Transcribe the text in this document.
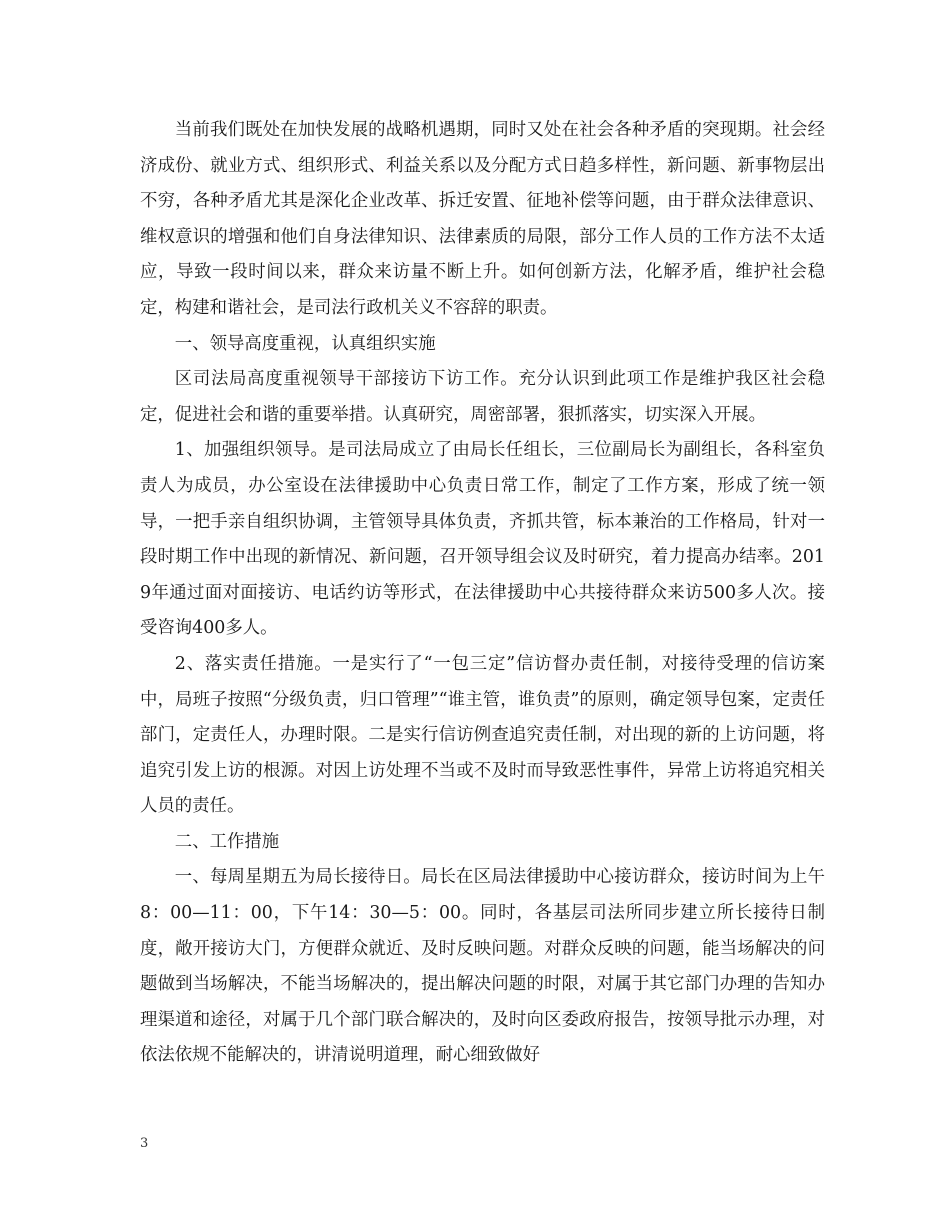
当前我们既处在加快发展的战略机遇期，同时又处在社会各种矛盾的突现期。社会经济成份、就业方式、组织形式、利益关系以及分配方式日趋多样性，新问题、新事物层出不穷，各种矛盾尤其是深化企业改革、拆迁安置、征地补偿等问题，由于群众法律意识、维权意识的增强和他们自身法律知识、法律素质的局限，部分工作人员的工作方法不太适应，导致一段时间以来，群众来访量不断上升。如何创新方法，化解矛盾，维护社会稳定，构建和谐社会，是司法行政机关义不容辞的职责。

一、领导高度重视，认真组织实施

区司法局高度重视领导干部接访下访工作。充分认识到此项工作是维护我区社会稳定，促进社会和谐的重要举措。认真研究，周密部署，狠抓落实，切实深入开展。

1、加强组织领导。是司法局成立了由局长任组长，三位副局长为副组长，各科室负责人为成员，办公室设在法律援助中心负责日常工作，制定了工作方案，形成了统一领导，一把手亲自组织协调，主管领导具体负责，齐抓共管，标本兼治的工作格局，针对一段时期工作中出现的新情况、新问题，召开领导组会议及时研究，着力提高办结率。2019年通过面对面接访、电话约访等形式，在法律援助中心共接待群众来访500多人次。接受咨询400多人。

2、落实责任措施。一是实行了“一包三定”信访督办责任制，对接待受理的信访案中，局班子按照“分级负责，归口管理”“谁主管，谁负责”的原则，确定领导包案，定责任部门，定责任人，办理时限。二是实行信访例查追究责任制，对出现的新的上访问题，将追究引发上访的根源。对因上访处理不当或不及时而导致恶性事件，异常上访将追究相关人员的责任。

二、工作措施

一、每周星期五为局长接待日。局长在区局法律援助中心接访群众，接访时间为上午8：00—11：00，下午14：30—5：00。同时，各基层司法所同步建立所长接待日制度，敞开接访大门，方便群众就近、及时反映问题。对群众反映的问题，能当场解决的问题做到当场解决，不能当场解决的，提出解决问题的时限，对属于其它部门办理的告知办理渠道和途径，对属于几个部门联合解决的，及时向区委政府报告，按领导批示办理，对依法依规不能解决的，讲清说明道理，耐心细致做好

3
